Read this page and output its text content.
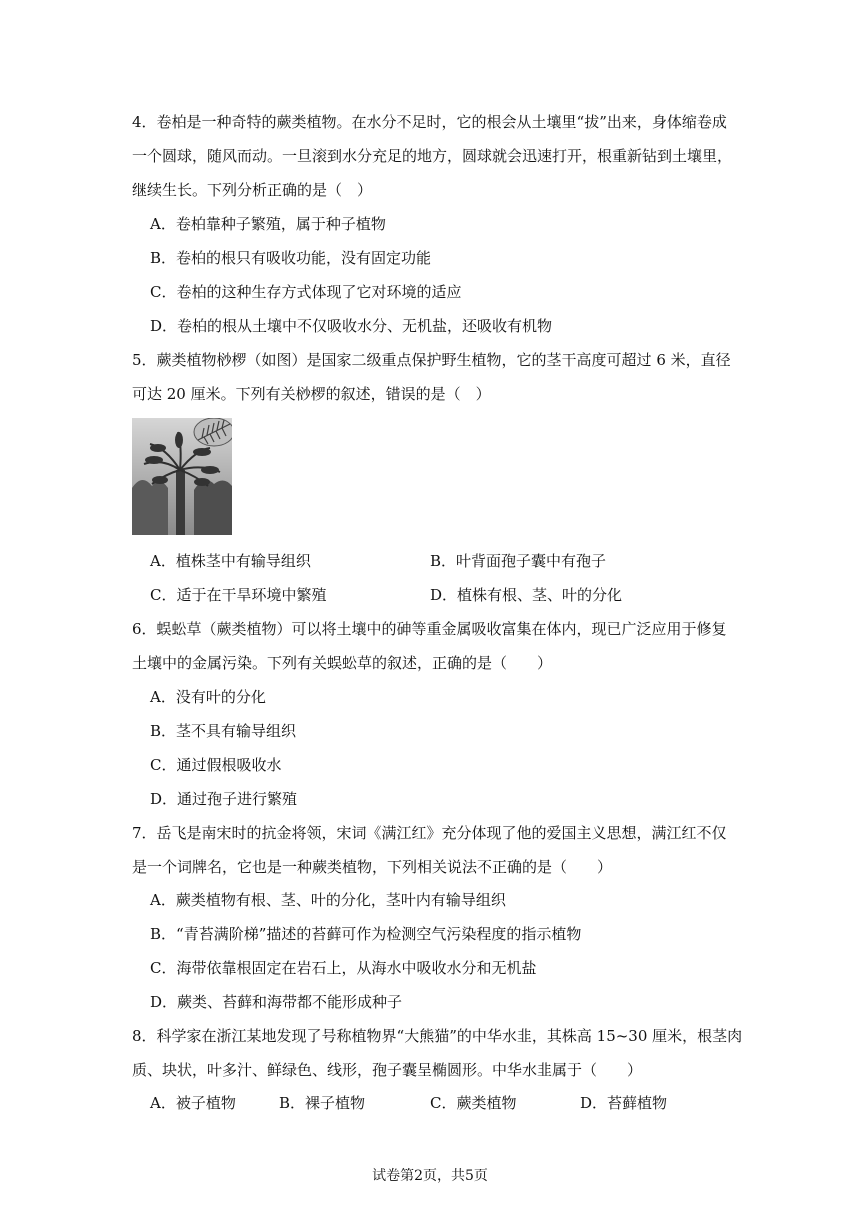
4．卷柏是一种奇特的蕨类植物。在水分不足时，它的根会从土壤里“拔”出来，身体缩卷成
一个圆球，随风而动。一旦滚到水分充足的地方，圆球就会迅速打开，根重新钻到土壤里，
继续生长。下列分析正确的是（　）
A．卷柏靠种子繁殖，属于种子植物
B．卷柏的根只有吸收功能，没有固定功能
C．卷柏的这种生存方式体现了它对环境的适应
D．卷柏的根从土壤中不仅吸收水分、无机盐，还吸收有机物
5．蕨类植物桫椤（如图）是国家二级重点保护野生植物，它的茎干高度可超过 6 米，直径
可达 20 厘米。下列有关桫椤的叙述，错误的是（　）
A．植株茎中有输导组织	B．叶背面孢子囊中有孢子
C．适于在干旱环境中繁殖	D．植株有根、茎、叶的分化
6．蜈蚣草（蕨类植物）可以将土壤中的砷等重金属吸收富集在体内，现已广泛应用于修复
土壤中的金属污染。下列有关蜈蚣草的叙述，正确的是（　　）
A．没有叶的分化
B．茎不具有输导组织
C．通过假根吸收水
D．通过孢子进行繁殖
7．岳飞是南宋时的抗金将领，宋词《满江红》充分体现了他的爱国主义思想，满江红不仅
是一个词牌名，它也是一种蕨类植物，下列相关说法不正确的是（　　）
A．蕨类植物有根、茎、叶的分化，茎叶内有输导组织
B．“青苔满阶梯”描述的苔藓可作为检测空气污染程度的指示植物
C．海带依靠根固定在岩石上，从海水中吸收水分和无机盐
D．蕨类、苔藓和海带都不能形成种子
8．科学家在浙江某地发现了号称植物界“大熊猫”的中华水韭，其株高 15~30 厘米，根茎肉
质、块状，叶多汁、鲜绿色、线形，孢子囊呈椭圆形。中华水韭属于（　　）
A．被子植物	B．裸子植物	C．蕨类植物	D．苔藓植物
试卷第2页，共5页
